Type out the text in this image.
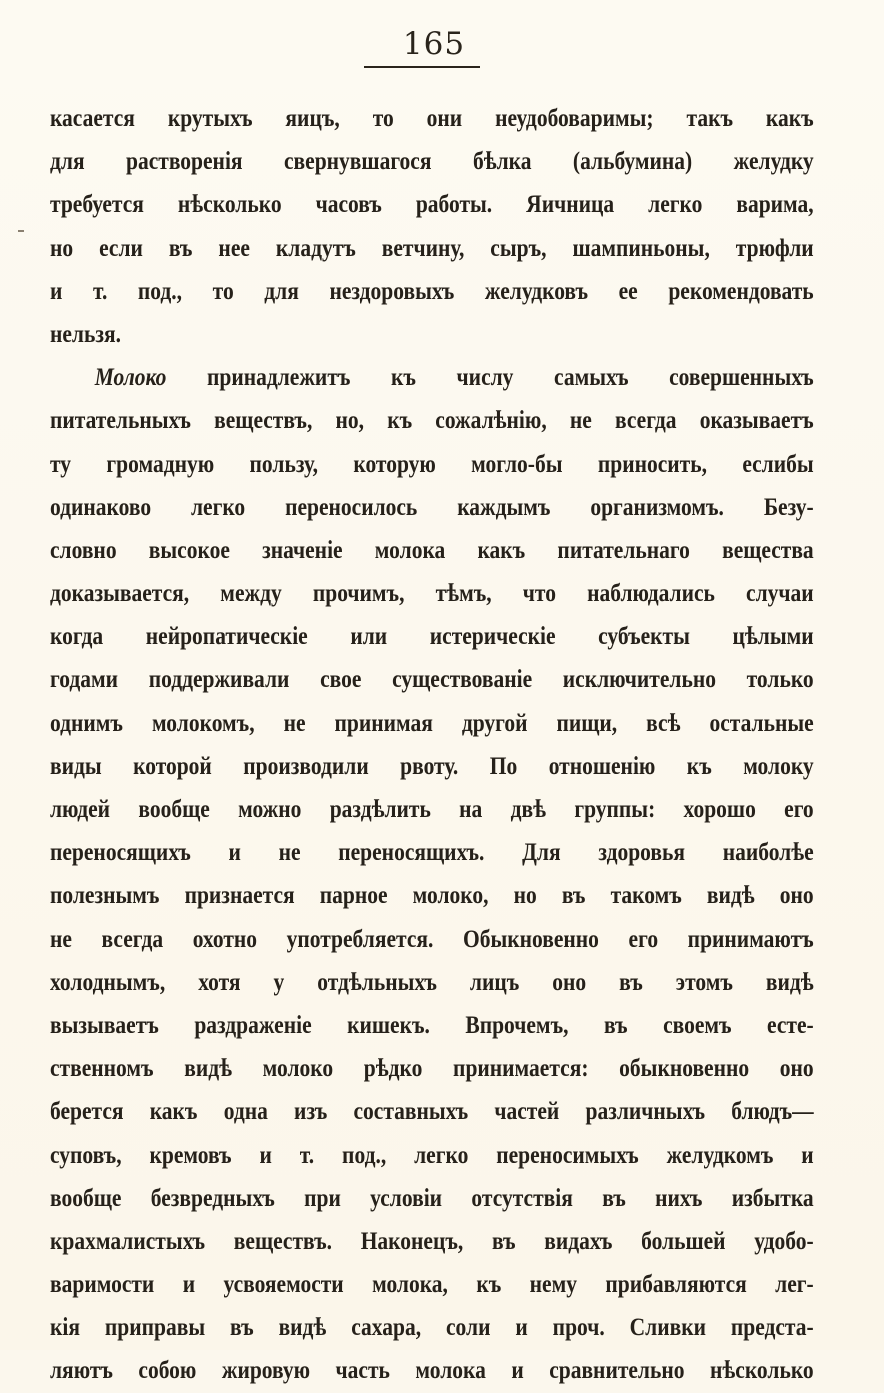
165
касается крутыхъ яицъ, то они неудобоваримы; такъ какъ
для растворенія свернувшагося бѣлка (альбумина) желудку
требуется нѣсколько часовъ работы. Яичница легко варима,
но если въ нее кладутъ ветчину, сыръ, шампиньоны, трюфли
и т. под., то для нездоровыхъ желудковъ ее рекомендовать
нельзя.
Молоко принадлежитъ къ числу самыхъ совершенныхъ
питательныхъ веществъ, но, къ сожалѣнію, не всегда оказываетъ
ту громадную пользу, которую могло-бы приносить, еслибы
одинаково легко переносилось каждымъ организмомъ. Безу-
словно высокое значеніе молока какъ питательнаго вещества
доказывается, между прочимъ, тѣмъ, что наблюдались случаи
когда нейропатическіе или истерическіе субъекты цѣлыми
годами поддерживали свое существованіе исключительно только
однимъ молокомъ, не принимая другой пищи, всѣ остальные
виды которой производили рвоту. По отношенію къ молоку
людей вообще можно раздѣлить на двѣ группы: хорошо его
переносящихъ и не переносящихъ. Для здоровья наиболѣе
полезнымъ признается парное молоко, но въ такомъ видѣ оно
не всегда охотно употребляется. Обыкновенно его принимаютъ
холоднымъ, хотя у отдѣльныхъ лицъ оно въ этомъ видѣ
вызываетъ раздраженіе кишекъ. Впрочемъ, въ своемъ есте-
ственномъ видѣ молоко рѣдко принимается: обыкновенно оно
берется какъ одна изъ составныхъ частей различныхъ блюдъ—
суповъ, кремовъ и т. под., легко переносимыхъ желудкомъ и
вообще безвредныхъ при условіи отсутствія въ нихъ избытка
крахмалистыхъ веществъ. Наконецъ, въ видахъ большей удобо-
варимости и усвояемости молока, къ нему прибавляются лег-
кія приправы въ видѣ сахара, соли и проч. Сливки предста-
ляютъ собою жировую часть молока и сравнительно нѣсколько
